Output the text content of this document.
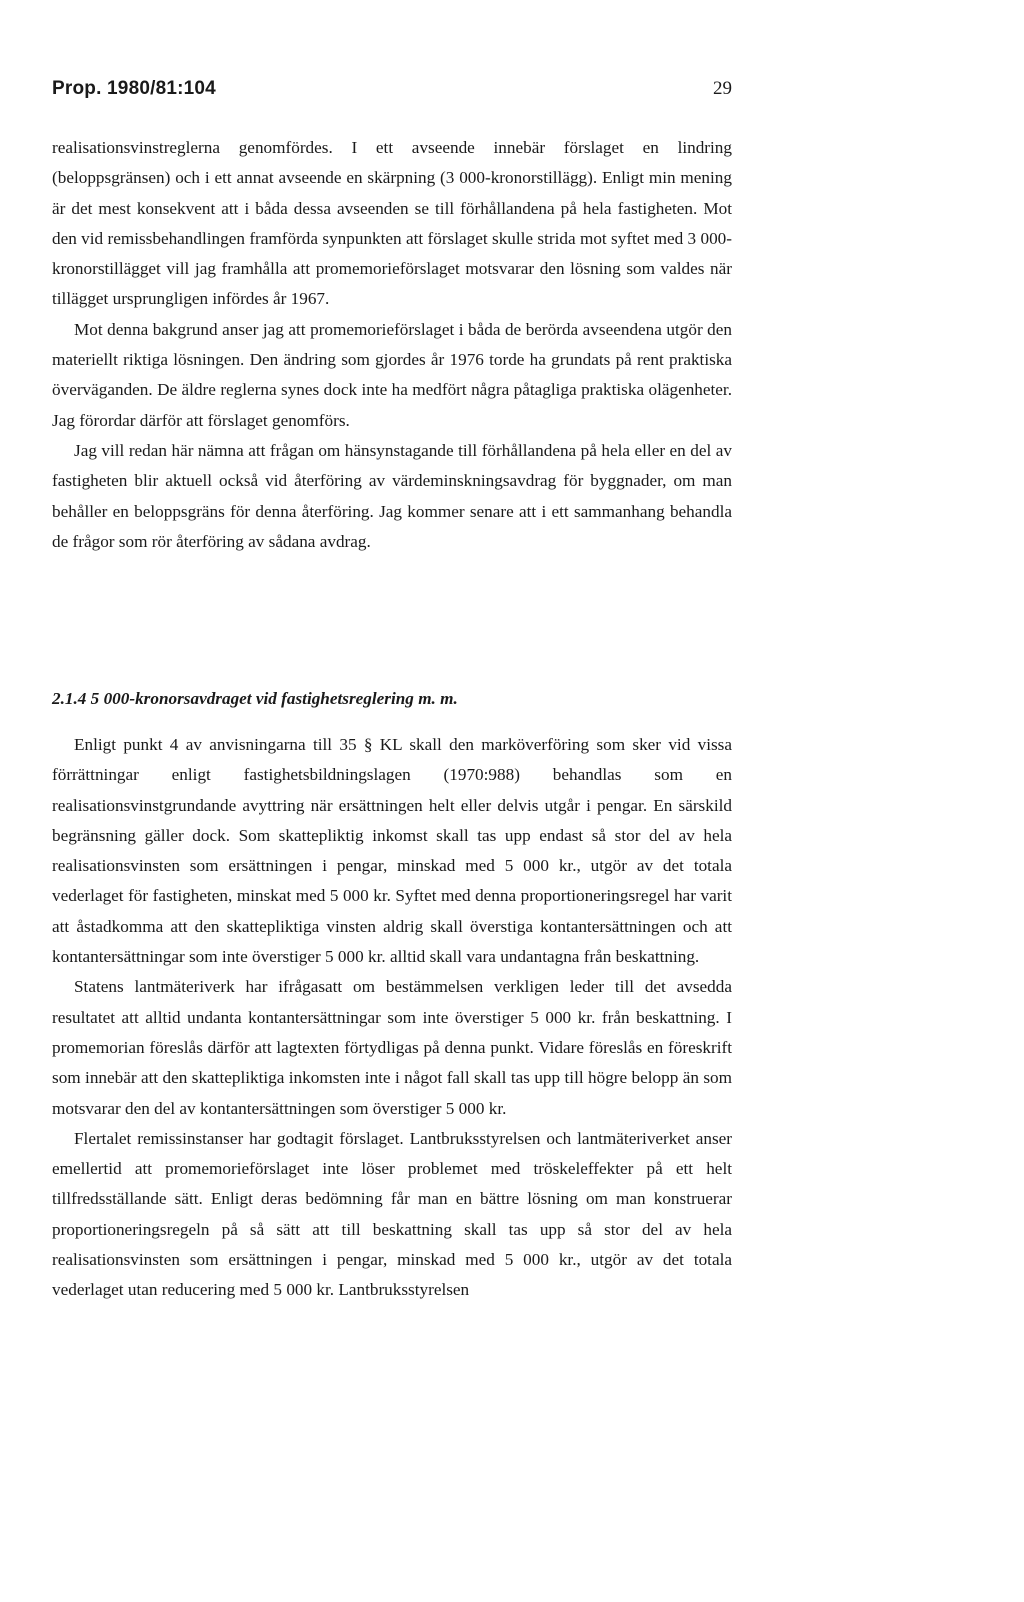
Prop. 1980/81:104	29

realisationsvinstreglerna genomfördes. I ett avseende innebär förslaget en lindring (beloppsgränsen) och i ett annat avseende en skärpning (3 000-kronorstillägg). Enligt min mening är det mest konsekvent att i båda dessa avseenden se till förhållandena på hela fastigheten. Mot den vid remissbehandlingen framförda synpunkten att förslaget skulle strida mot syftet med 3 000-kronorstillägget vill jag framhålla att promemorieförslaget motsvarar den lösning som valdes när tillägget ursprungligen infördes år 1967.

Mot denna bakgrund anser jag att promemorieförslaget i båda de berörda avseendena utgör den materiellt riktiga lösningen. Den ändring som gjordes år 1976 torde ha grundats på rent praktiska överväganden. De äldre reglerna synes dock inte ha medfört några påtagliga praktiska olägenheter. Jag förordar därför att förslaget genomförs.

Jag vill redan här nämna att frågan om hänsynstagande till förhållandena på hela eller en del av fastigheten blir aktuell också vid återföring av värdeminskningsavdrag för byggnader, om man behåller en beloppsgräns för denna återföring. Jag kommer senare att i ett sammanhang behandla de frågor som rör återföring av sådana avdrag.

2.1.4 5 000-kronorsavdraget vid fastighetsreglering m. m.

Enligt punkt 4 av anvisningarna till 35 § KL skall den marköverföring som sker vid vissa förrättningar enligt fastighetsbildningslagen (1970:988) behandlas som en realisationsvinstgrundande avyttring när ersättningen helt eller delvis utgår i pengar. En särskild begränsning gäller dock. Som skattepliktig inkomst skall tas upp endast så stor del av hela realisationsvinsten som ersättningen i pengar, minskad med 5 000 kr., utgör av det totala vederlaget för fastigheten, minskat med 5 000 kr. Syftet med denna proportioneringsregel har varit att åstadkomma att den skattepliktiga vinsten aldrig skall överstiga kontantersättningen och att kontantersättningar som inte överstiger 5 000 kr. alltid skall vara undantagna från beskattning.

Statens lantmäteriverk har ifrågasatt om bestämmelsen verkligen leder till det avsedda resultatet att alltid undanta kontantersättningar som inte överstiger 5 000 kr. från beskattning. I promemorian föreslås därför att lagtexten förtydligas på denna punkt. Vidare föreslås en föreskrift som innebär att den skattepliktiga inkomsten inte i något fall skall tas upp till högre belopp än som motsvarar den del av kontantersättningen som överstiger 5 000 kr.

Flertalet remissinstanser har godtagit förslaget. Lantbruksstyrelsen och lantmäteriverket anser emellertid att promemorieförslaget inte löser problemet med tröskeleffekter på ett helt tillfredsställande sätt. Enligt deras bedömning får man en bättre lösning om man konstruerar proportioneringsregeln på så sätt att till beskattning skall tas upp så stor del av hela realisationsvinsten som ersättningen i pengar, minskad med 5 000 kr., utgör av det totala vederlaget utan reducering med 5 000 kr. Lantbruksstyrelsen
